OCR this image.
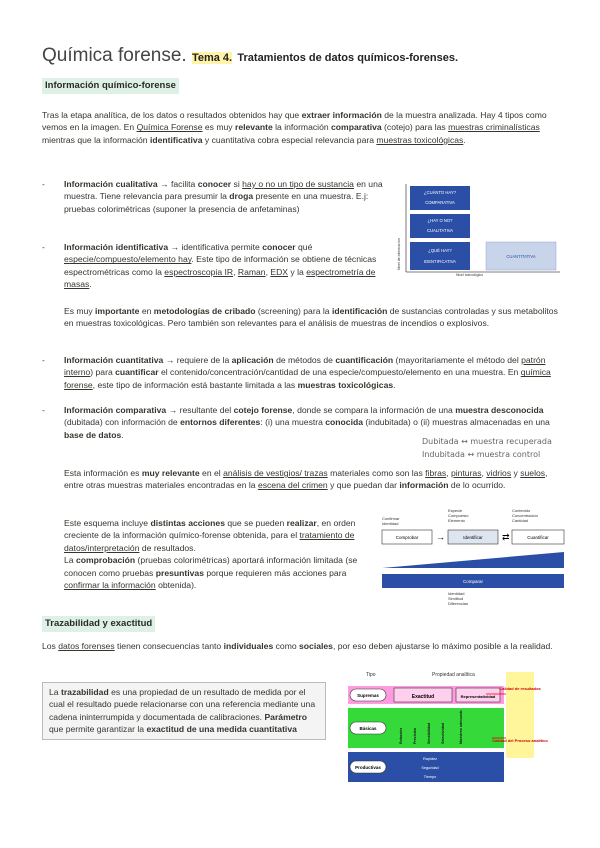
Química forense. Tema 4. Tratamientos de datos químicos-forenses.
Información químico-forense
Tras la etapa analítica, de los datos o resultados obtenidos hay que extraer información de la muestra analizada. Hay 4 tipos como vemos en la imagen. En Química Forense es muy relevante la información comparativa (cotejo) para las muestras criminalísticas mientras que la información identificativa y cuantitativa cobra especial relevancia para muestras toxicológicas.
- Información cualitativa → facilita conocer si hay o no un tipo de sustancia en una muestra. Tiene relevancia para presumir la droga presente en una muestra. E.j: pruebas colorimétricas (suponer la presencia de anfetaminas)
- Información identificativa → identificativa permite conocer qué especie/compuesto/elemento hay. Este tipo de información se obtiene de técnicas espectrométricas como la espectroscopia IR, Raman, EDX y la espectrometría de masas.
Nivel de información
Nivel toxicológico
¿CUÁNTO HAY?
COMPARATIVA
¿HAY O NO?
CUALITATIVA
¿QUÉ HAY?
IDENTIFICATIVA
CUANTITATIVA
Es muy importante en metodologías de cribado (screening) para la identificación de sustancias controladas y sus metabolitos en muestras toxicológicas. Pero también son relevantes para el análisis de muestras de incendios o explosivos.
- Información cuantitativa → requiere de la aplicación de métodos de cuantificación (mayoritariamente el método del patrón interno) para cuantificar el contenido/concentración/cantidad de una especie/compuesto/elemento en una muestra. En química forense, este tipo de información está bastante limitada a las muestras toxicológicas.
- Información comparativa → resultante del cotejo forense, donde se compara la información de una muestra desconocida (dubitada) con información de entornos diferentes: (i) una muestra conocida (indubitada) o (ii) muestras almacenadas en una base de datos.
Dubitada ↔ muestra recuperada
Indubitada ↔ muestra control
Esta información es muy relevante en el análisis de vestigios/ trazas materiales como son las fibras, pinturas, vidrios y suelos, entre otras muestras materiales encontradas en la escena del crimen y que puedan dar información de lo ocurrido.
Este esquema incluye distintas acciones que se pueden realizar, en orden creciente de la información químico-forense obtenida, para el tratamiento de datos/interpretación de resultados.
La comprobación (pruebas colorimétricas) aportará información limitada (se conocen como pruebas presuntivas porque requieren más acciones para confirmar la información obtenida).
Confirmar
Identidad
Especie
Compuesto
Elemento
Contenido
Concentración
Cantidad
Comprobar →	Identificar ⇄	Cuantificar
Comparar
Identidad
Similitud
Diferencias
Trazabilidad y exactitud
Los datos forenses tienen consecuencias tanto individuales como sociales, por eso deben ajustarse lo máximo posible a la realidad.
La trazabilidad es una propiedad de un resultado de medida por el cual el resultado puede relacionarse con una referencia mediante una cadena ininterrumpida y documentada de calibraciones. Parámetro que permite garantizar la exactitud de una medida cuantitativa
Tipo	Propiedad analítica
Supremas	Exactitud	Representatividad
Básicas	Robustez	Precisión	Sensibilidad	Selectividad	Muestreo adecuado
Productivas
Rapidez
Seguridad
Tiempo
Calidad de resultados
Calidad del Proceso analítico
